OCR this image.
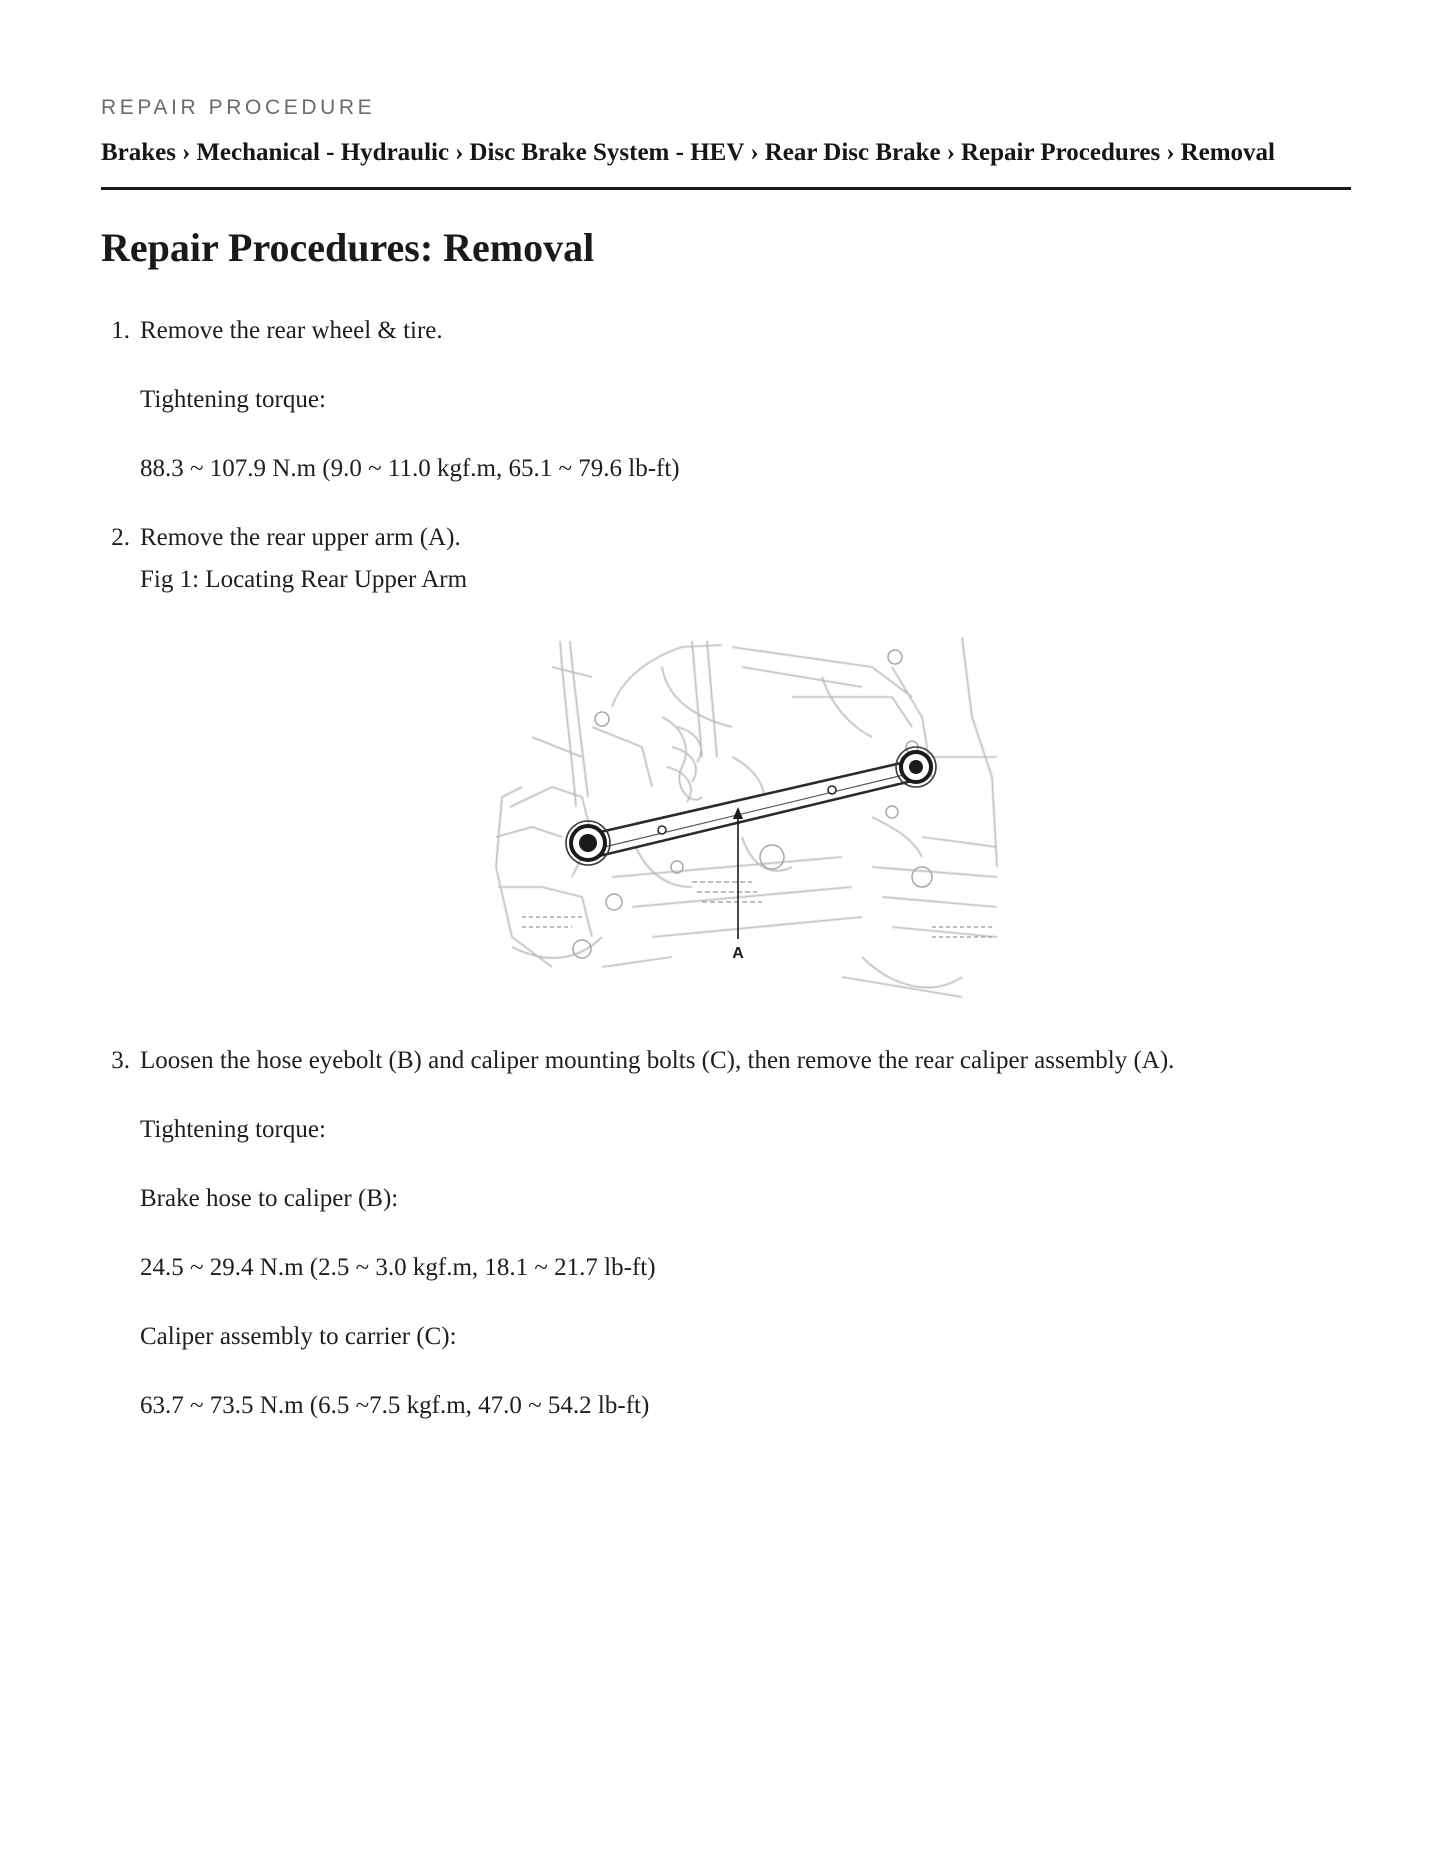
REPAIR PROCEDURE
Brakes › Mechanical - Hydraulic › Disc Brake System - HEV › Rear Disc Brake › Repair Procedures › Removal
Repair Procedures: Removal
1. Remove the rear wheel & tire.
Tightening torque:
88.3 ~ 107.9 N.m (9.0 ~ 11.0 kgf.m, 65.1 ~ 79.6 lb-ft)
2. Remove the rear upper arm (A).
Fig 1: Locating Rear Upper Arm
A
3. Loosen the hose eyebolt (B) and caliper mounting bolts (C), then remove the rear caliper assembly (A).
Tightening torque:
Brake hose to caliper (B):
24.5 ~ 29.4 N.m (2.5 ~ 3.0 kgf.m, 18.1 ~ 21.7 lb-ft)
Caliper assembly to carrier (C):
63.7 ~ 73.5 N.m (6.5 ~7.5 kgf.m, 47.0 ~ 54.2 lb-ft)
